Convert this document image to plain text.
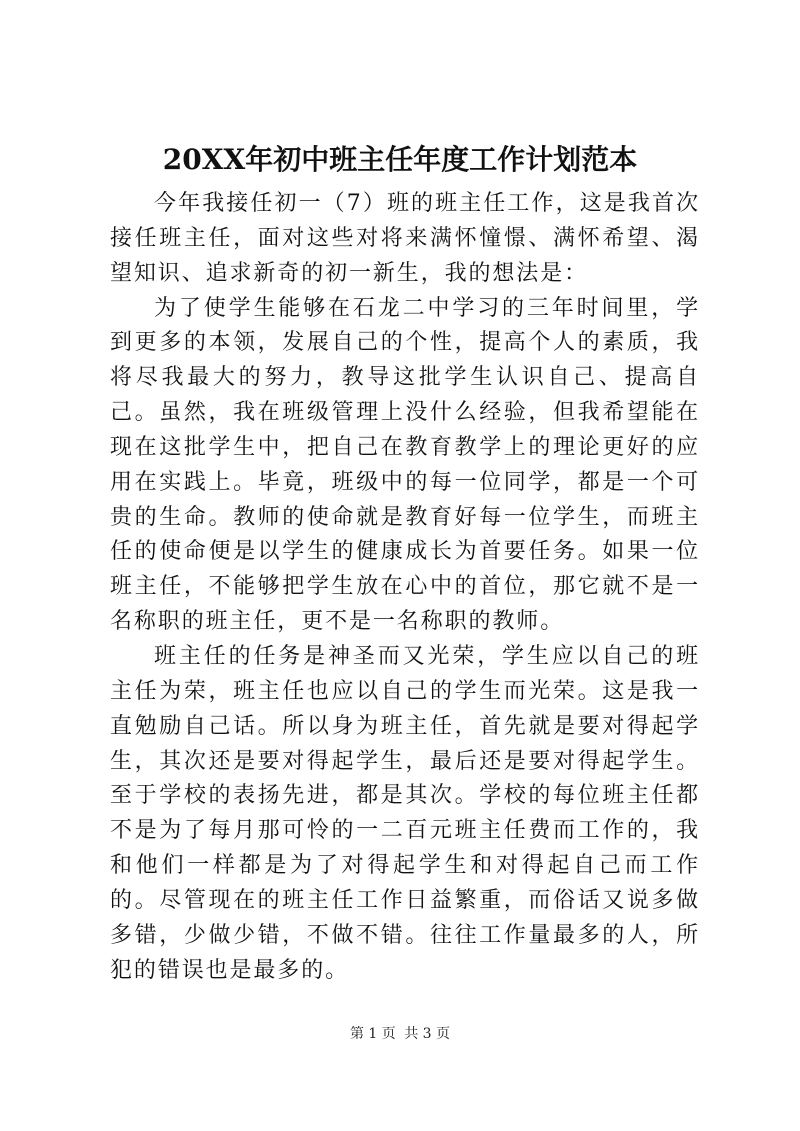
20XX年初中班主任年度工作计划范本

今年我接任初一（7）班的班主任工作，这是我首次接任班主任，面对这些对将来满怀憧憬、满怀希望、渴望知识、追求新奇的初一新生，我的想法是：

为了使学生能够在石龙二中学习的三年时间里，学到更多的本领，发展自己的个性，提高个人的素质，我将尽我最大的努力，教导这批学生认识自己、提高自己。虽然，我在班级管理上没什么经验，但我希望能在现在这批学生中，把自己在教育教学上的理论更好的应用在实践上。毕竟，班级中的每一位同学，都是一个可贵的生命。教师的使命就是教育好每一位学生，而班主任的使命便是以学生的健康成长为首要任务。如果一位班主任，不能够把学生放在心中的首位，那它就不是一名称职的班主任，更不是一名称职的教师。

班主任的任务是神圣而又光荣，学生应以自己的班主任为荣，班主任也应以自己的学生而光荣。这是我一直勉励自己话。所以身为班主任，首先就是要对得起学生，其次还是要对得起学生，最后还是要对得起学生。至于学校的表扬先进，都是其次。学校的每位班主任都不是为了每月那可怜的一二百元班主任费而工作的，我和他们一样都是为了对得起学生和对得起自己而工作的。尽管现在的班主任工作日益繁重，而俗话又说多做多错，少做少错，不做不错。往往工作量最多的人，所犯的错误也是最多的。

第 1 页 共 3 页
